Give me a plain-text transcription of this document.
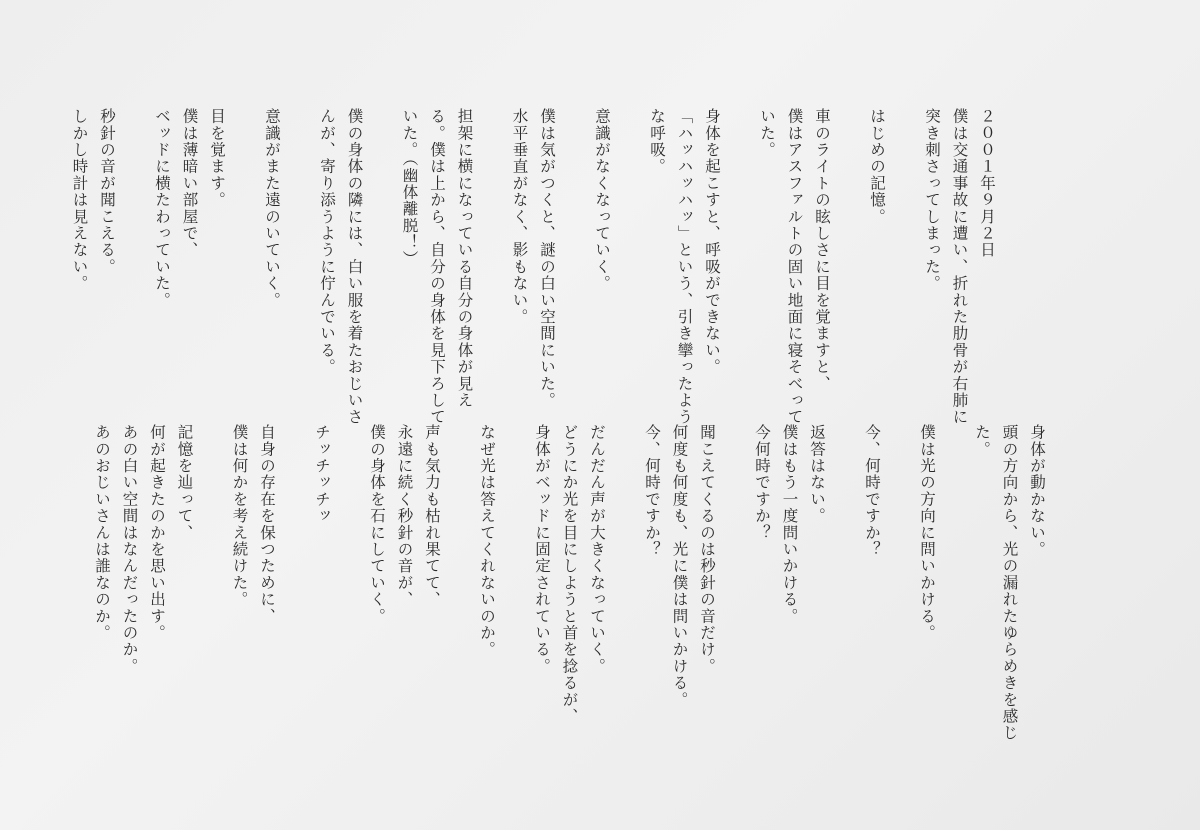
２００１年９月２日
僕は交通事故に遭い、折れた肋骨が右肺に
突き刺さってしまった。
はじめの記憶。
車のライトの眩しさに目を覚ますと、
僕はアスファルトの固い地面に寝そべって
いた。
身体を起こすと、呼吸ができない。
「ハッハッハッ」という、引き攣ったよう
な呼吸。
意識がなくなっていく。
僕は気がつくと、謎の白い空間にいた。
水平垂直がなく、影もない。
担架に横になっている自分の身体が見え
る。僕は上から、自分の身体を見下ろして
いた。（幽体離脱！）
僕の身体の隣には、白い服を着たおじいさ
んが、寄り添うように佇んでいる。
意識がまた遠のいていく。
目を覚ます。
僕は薄暗い部屋で、
ベッドに横たわっていた。
秒針の音が聞こえる。
しかし時計は見えない。
身体が動かない。
頭の方向から、光の漏れたゆらめきを感じ
た。
僕は光の方向に問いかける。
今、何時ですか？
返答はない。
僕はもう一度問いかける。
今何時ですか？
聞こえてくるのは秒針の音だけ。
何度も何度も、光に僕は問いかける。
今、何時ですか？
だんだん声が大きくなっていく。
どうにか光を目にしようと首を捻るが、
身体がベッドに固定されている。
なぜ光は答えてくれないのか。
声も気力も枯れ果てて、
永遠に続く秒針の音が、
僕の身体を石にしていく。
チッチッチッ
自身の存在を保つために、
僕は何かを考え続けた。
記憶を辿って、
何が起きたのかを思い出す。
あの白い空間はなんだったのか。
あのおじいさんは誰なのか。
